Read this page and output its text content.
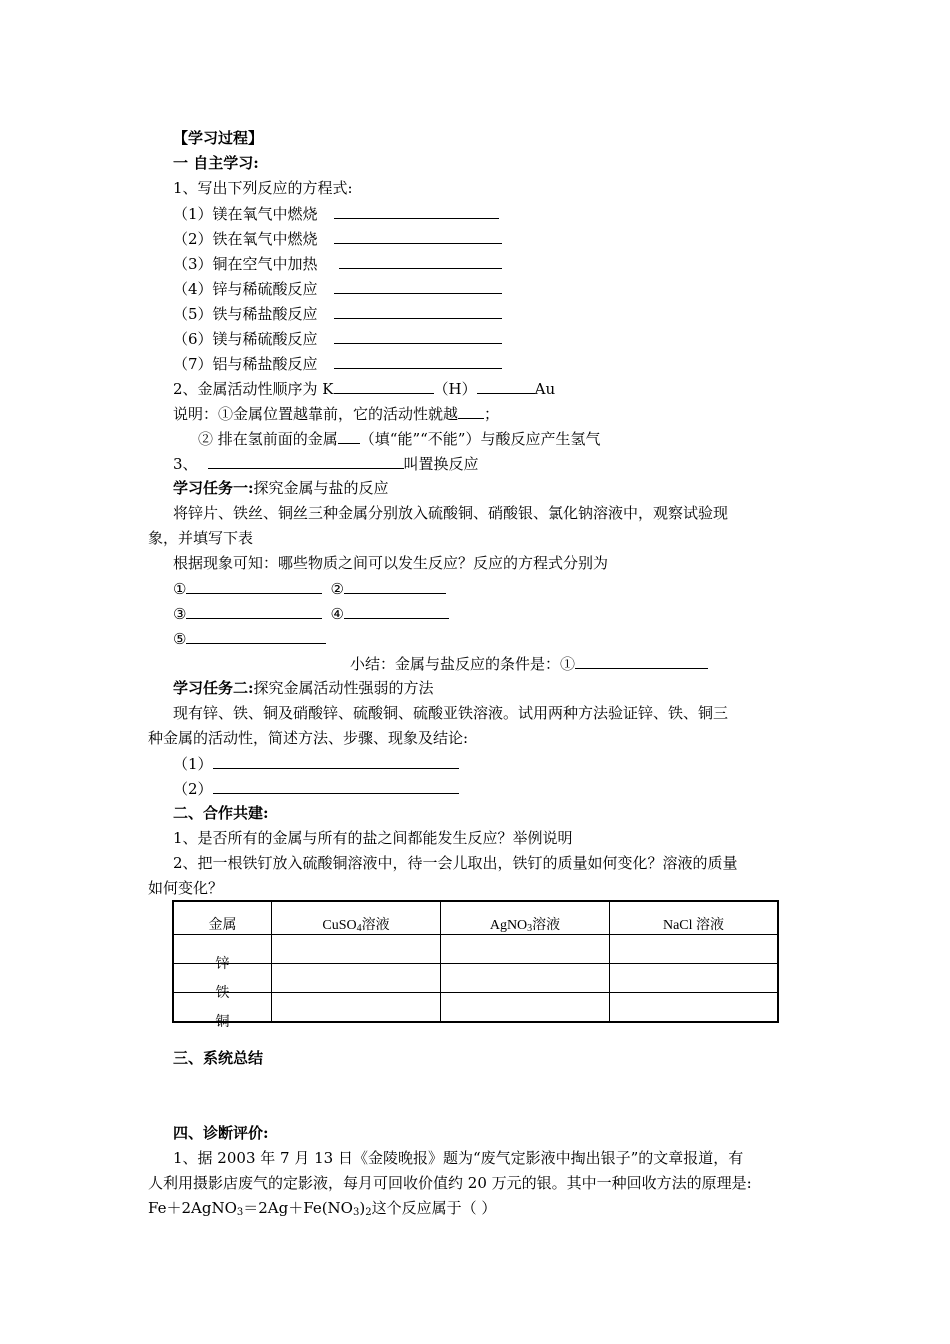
【学习过程】
一 自主学习:
1、写出下列反应的方程式:
（1）镁在氧气中燃烧
（2）铁在氧气中燃烧
（3）铜在空气中加热
（4）锌与稀硫酸反应
（5）铁与稀盐酸反应
（6）镁与稀硫酸反应
（7）铝与稀盐酸反应
2、金属活动性顺序为 K	（H）	Au
说明：①金属位置越靠前，它的活动性就越 ；
② 排在氢前面的金属 （填“能”“不能”）与酸反应产生氢气
3、	叫置换反应
学习任务一:探究金属与盐的反应
将锌片、铁丝、铜丝三种金属分别放入硫酸铜、硝酸银、氯化钠溶液中，观察试验现
象，并填写下表
根据现象可知：哪些物质之间可以发生反应？反应的方程式分别为
①	②
③	④
⑤
小结：金属与盐反应的条件是：①
学习任务二:探究金属活动性强弱的方法
现有锌、铁、铜及硝酸锌、硫酸铜、硫酸亚铁溶液。试用两种方法验证锌、铁、铜三
种金属的活动性，简述方法、步骤、现象及结论:
（1）
（2）
二、合作共建:
1、是否所有的金属与所有的盐之间都能发生反应？举例说明
2、把一根铁钉放入硫酸铜溶液中，待一会儿取出，铁钉的质量如何变化？溶液的质量
如何变化？
金属	CuSO$_4$溶液	AgNO$_3$溶液	NaCl 溶液
锌			
铁			
铜			
三、系统总结
四、诊断评价:
1、据 2003 年 7 月 13 日《金陵晚报》题为“废气定影液中掏出银子”的文章报道，有
人利用摄影店废气的定影液，每月可回收价值约 20 万元的银。其中一种回收方法的原理是:
$Fe+2AgNO_3=2Ag+Fe(NO_3)_2$这个反应属于（ ）
